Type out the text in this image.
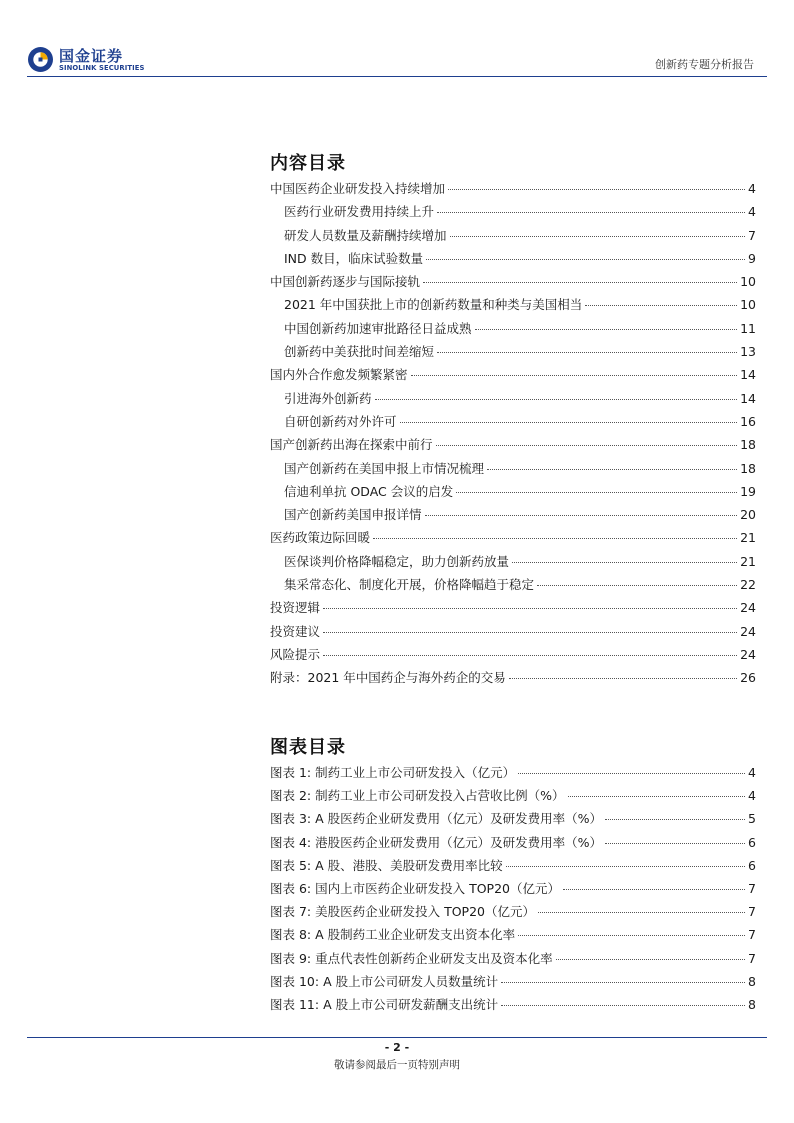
国金证券
SINOLINK SECURITIES	创新药专题分析报告
内容目录
中国医药企业研发投入持续增加	4
医药行业研发费用持续上升	4
研发人员数量及薪酬持续增加	7
IND 数目，临床试验数量	9
中国创新药逐步与国际接轨	10
2021 年中国获批上市的创新药数量和种类与美国相当	10
中国创新药加速审批路径日益成熟	11
创新药中美获批时间差缩短	13
国内外合作愈发频繁紧密	14
引进海外创新药	14
自研创新药对外许可	16
国产创新药出海在探索中前行	18
国产创新药在美国申报上市情况梳理	18
信迪利单抗 ODAC 会议的启发	19
国产创新药美国申报详情	20
医药政策边际回暖	21
医保谈判价格降幅稳定，助力创新药放量	21
集采常态化、制度化开展，价格降幅趋于稳定	22
投资逻辑	24
投资建议	24
风险提示	24
附录：2021 年中国药企与海外药企的交易	26
图表目录
图表 1: 制药工业上市公司研发投入（亿元）	4
图表 2: 制药工业上市公司研发投入占营收比例（%）	4
图表 3: A 股医药企业研发费用（亿元）及研发费用率（%）	5
图表 4: 港股医药企业研发费用（亿元）及研发费用率（%）	6
图表 5: A 股、港股、美股研发费用率比较	6
图表 6: 国内上市医药企业研发投入 TOP20（亿元）	7
图表 7: 美股医药企业研发投入 TOP20（亿元）	7
图表 8: A 股制药工业企业研发支出资本化率	7
图表 9: 重点代表性创新药企业研发支出及资本化率	7
图表 10: A 股上市公司研发人员数量统计	8
图表 11: A 股上市公司研发薪酬支出统计	8
- 2 -
敬请参阅最后一页特别声明
